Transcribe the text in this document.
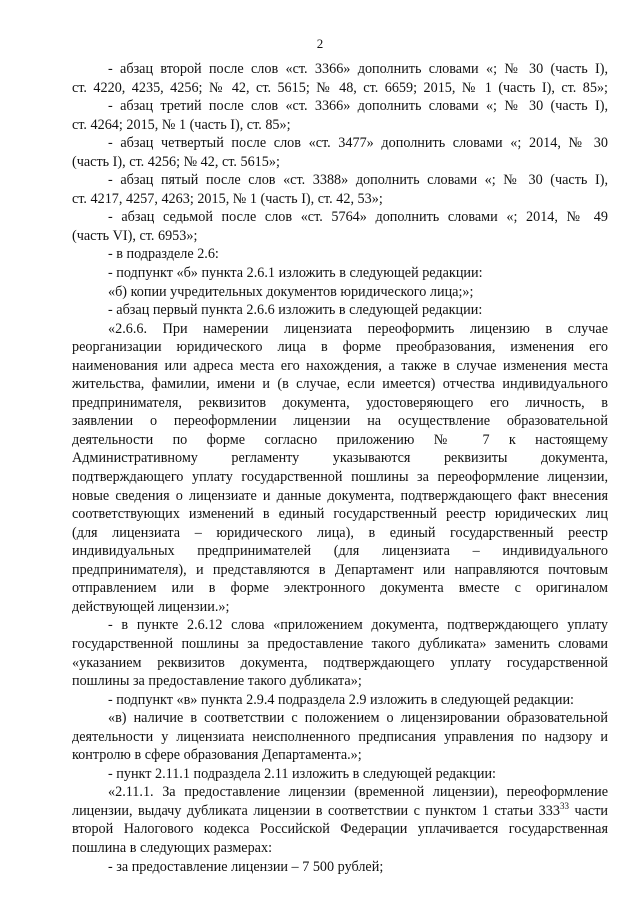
2
- абзац второй после слов «ст. 3366» дополнить словами «; № 30 (часть I),
ст. 4220, 4235, 4256; № 42, ст. 5615; № 48, ст. 6659; 2015, № 1 (часть I), ст. 85»;
- абзац третий после слов «ст. 3366» дополнить словами «; № 30 (часть I),
ст. 4264; 2015, № 1 (часть I), ст. 85»;
- абзац четвертый после слов «ст. 3477» дополнить словами «; 2014, № 30
(часть I), ст. 4256; № 42, ст. 5615»;
- абзац пятый после слов «ст. 3388» дополнить словами «; № 30 (часть I),
ст. 4217, 4257, 4263; 2015, № 1 (часть I), ст. 42, 53»;
- абзац седьмой после слов «ст. 5764» дополнить словами «; 2014, № 49
(часть VI), ст. 6953»;
- в подразделе 2.6:
- подпункт «б» пункта 2.6.1 изложить в следующей редакции:
«б) копии учредительных документов юридического лица;»;
- абзац первый пункта 2.6.6 изложить в следующей редакции:
«2.6.6. При намерении лицензиата переоформить лицензию в случае
реорганизации юридического лица в форме преобразования, изменения его
наименования или адреса места его нахождения, а также в случае изменения места
жительства, фамилии, имени и (в случае, если имеется) отчества индивидуального
предпринимателя, реквизитов документа, удостоверяющего его личность, в
заявлении о переоформлении лицензии на осуществление образовательной
деятельности по форме согласно приложению № 7 к настоящему
Административному регламенту указываются реквизиты документа,
подтверждающего уплату государственной пошлины за переоформление лицензии,
новые сведения о лицензиате и данные документа, подтверждающего факт внесения
соответствующих изменений в единый государственный реестр юридических лиц
(для лицензиата – юридического лица), в единый государственный реестр
индивидуальных предпринимателей (для лицензиата – индивидуального
предпринимателя), и представляются в Департамент или направляются почтовым
отправлением или в форме электронного документа вместе с оригиналом
действующей лицензии.»;
- в пункте 2.6.12 слова «приложением документа, подтверждающего уплату
государственной пошлины за предоставление такого дубликата» заменить словами
«указанием реквизитов документа, подтверждающего уплату государственной
пошлины за предоставление такого дубликата»;
- подпункт «в» пункта 2.9.4 подраздела 2.9 изложить в следующей редакции:
«в) наличие в соответствии с положением о лицензировании образовательной
деятельности у лицензиата неисполненного предписания управления по надзору и
контролю в сфере образования Департамента.»;
- пункт 2.11.1 подраздела 2.11 изложить в следующей редакции:
«2.11.1. За предоставление лицензии (временной лицензии), переоформление
лицензии, выдачу дубликата лицензии в соответствии с пунктом 1 статьи $333^{33}$ части
второй Налогового кодекса Российской Федерации уплачивается государственная
пошлина в следующих размерах:
- за предоставление лицензии – 7 500 рублей;
